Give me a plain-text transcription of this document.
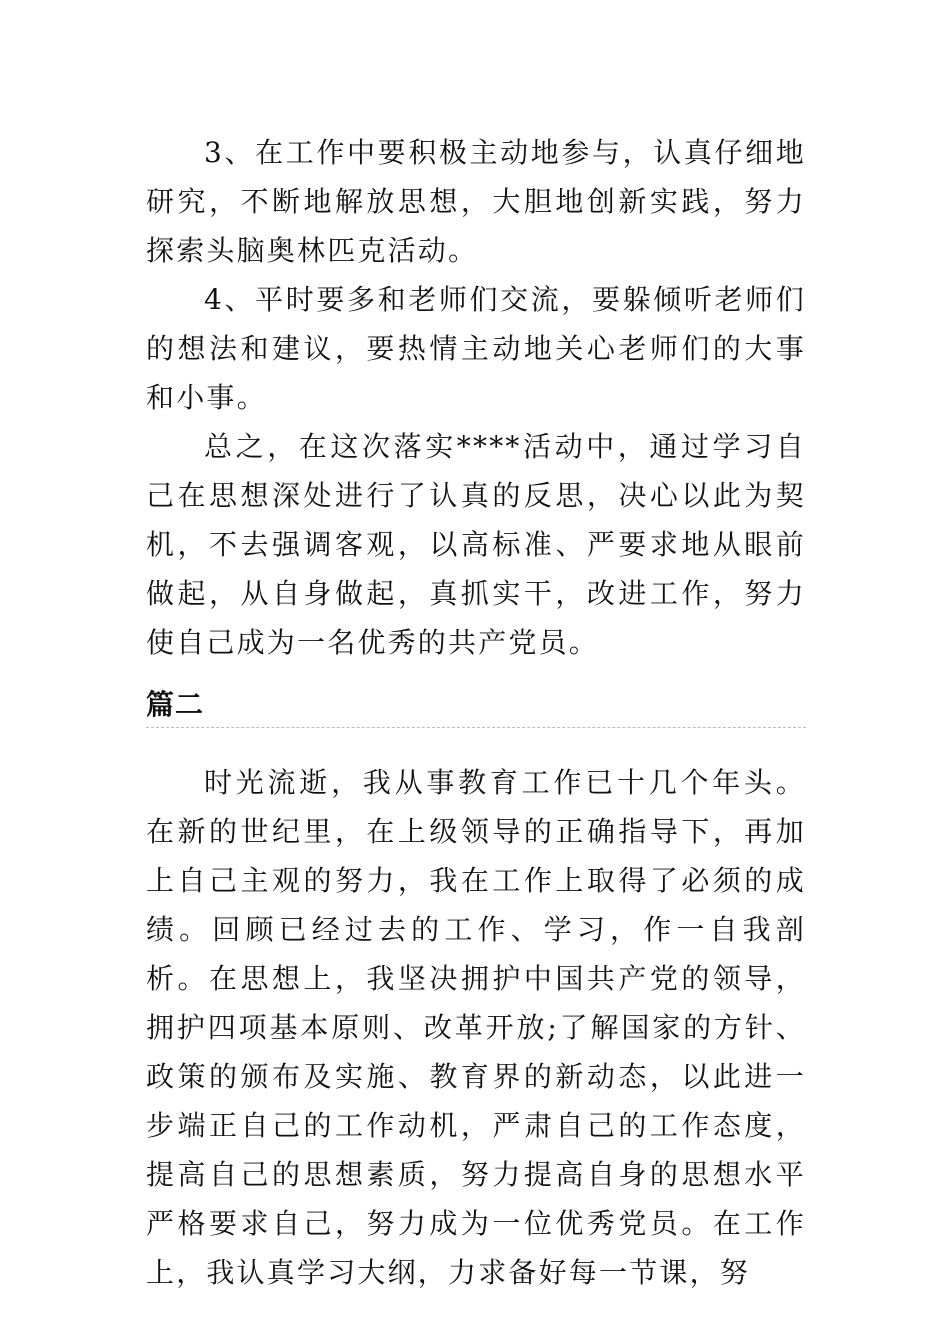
3、在工作中要积极主动地参与，认真仔细地研究，不断地解放思想，大胆地创新实践，努力探索头脑奥林匹克活动。

4、平时要多和老师们交流，要躲倾听老师们的想法和建议，要热情主动地关心老师们的大事和小事。

总之，在这次落实****活动中，通过学习自己在思想深处进行了认真的反思，决心以此为契机，不去强调客观，以高标准、严要求地从眼前做起，从自身做起，真抓实干，改进工作，努力使自己成为一名优秀的共产党员。

篇二

时光流逝，我从事教育工作已十几个年头。在新的世纪里，在上级领导的正确指导下，再加上自己主观的努力，我在工作上取得了必须的成绩。回顾已经过去的工作、学习，作一自我剖析。在思想上，我坚决拥护中国共产党的领导，拥护四项基本原则、改革开放;了解国家的方针、政策的颁布及实施、教育界的新动态，以此进一步端正自己的工作动机，严肃自己的工作态度，提高自己的思想素质，努力提高自身的思想水平严格要求自己，努力成为一位优秀党员。在工作上，我认真学习大纲，力求备好每一节课，努
